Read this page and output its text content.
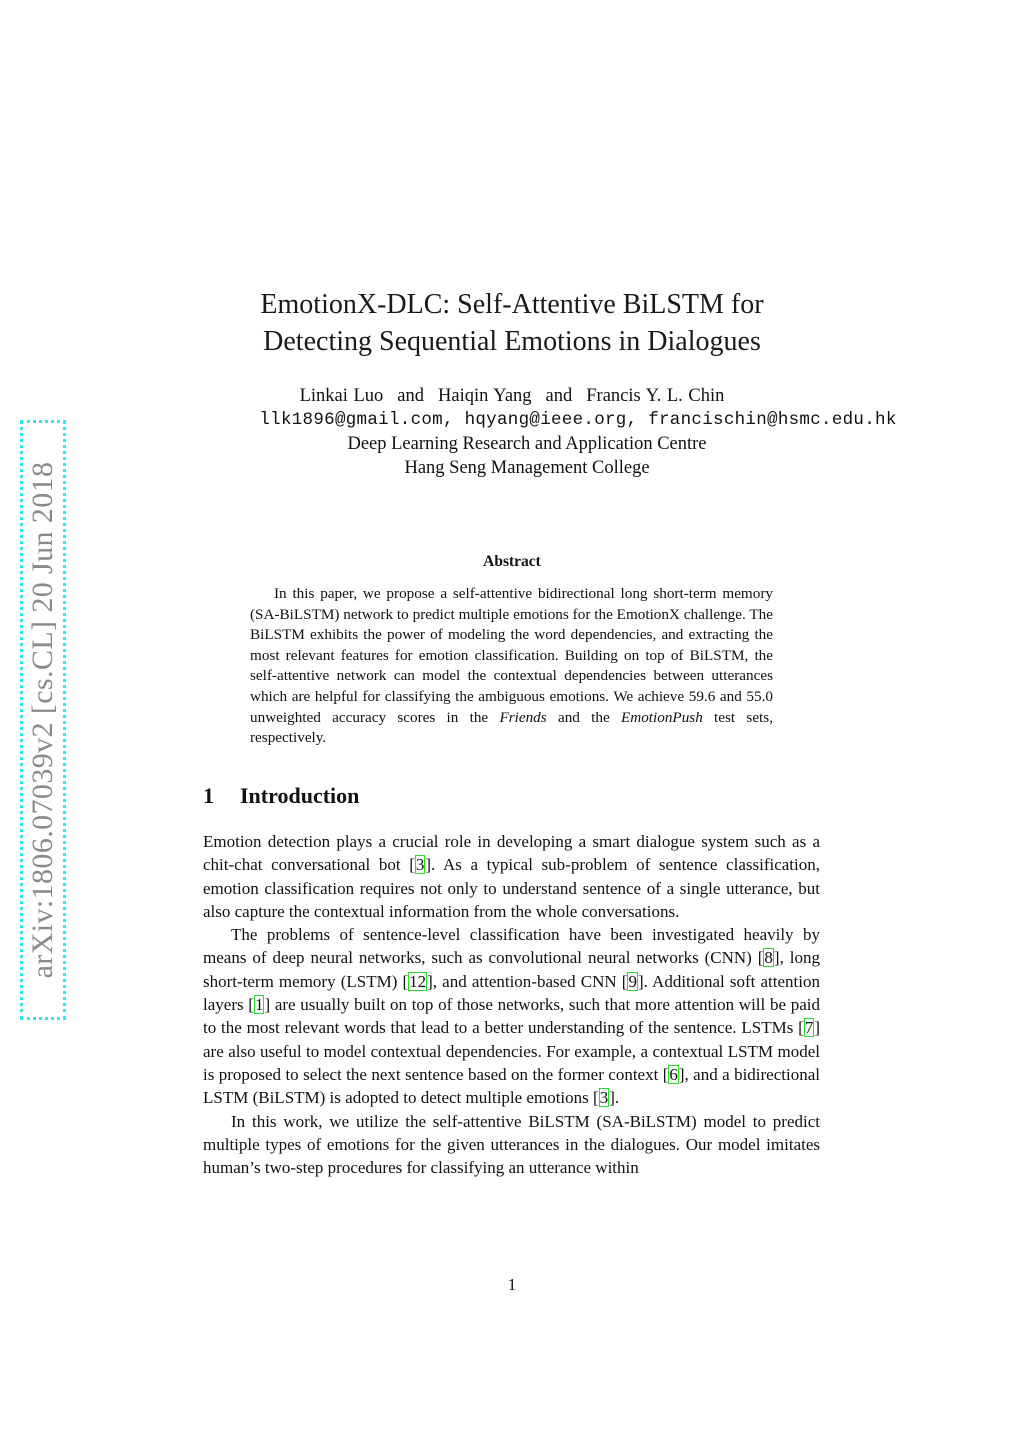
arXiv:1806.07039v2 [cs.CL] 20 Jun 2018
EmotionX-DLC: Self-Attentive BiLSTM for
Detecting Sequential Emotions in Dialogues
Linkai Luo and Haiqin Yang and Francis Y. L. Chin
llk1896@gmail.com, hqyang@ieee.org, francischin@hsmc.edu.hk
Deep Learning Research and Application Centre
Hang Seng Management College
Abstract
In this paper, we propose a self-attentive bidirectional long short-term memory (SA-BiLSTM) network to predict multiple emotions for the EmotionX challenge. The BiLSTM exhibits the power of modeling the word dependencies, and extracting the most relevant features for emotion classification. Building on top of BiLSTM, the self-attentive network can model the contextual dependencies between utterances which are helpful for classifying the ambiguous emotions. We achieve 59.6 and 55.0 unweighted accuracy scores in the Friends and the EmotionPush test sets, respectively.
1 Introduction

Emotion detection plays a crucial role in developing a smart dialogue system such as a chit-chat conversational bot [3]. As a typical sub-problem of sentence classification, emotion classification requires not only to understand sentence of a single utterance, but also capture the contextual information from the whole conversations.

The problems of sentence-level classification have been investigated heavily by means of deep neural networks, such as convolutional neural networks (CNN) [8], long short-term memory (LSTM) [12], and attention-based CNN [9]. Additional soft attention layers [1] are usually built on top of those networks, such that more attention will be paid to the most relevant words that lead to a better understanding of the sentence. LSTMs [7] are also useful to model contextual dependencies. For example, a contextual LSTM model is proposed to select the next sentence based on the former context [6], and a bidirectional LSTM (BiLSTM) is adopted to detect multiple emotions [3].

In this work, we utilize the self-attentive BiLSTM (SA-BiLSTM) model to predict multiple types of emotions for the given utterances in the dialogues. Our model imitates human’s two-step procedures for classifying an utterance within

1
